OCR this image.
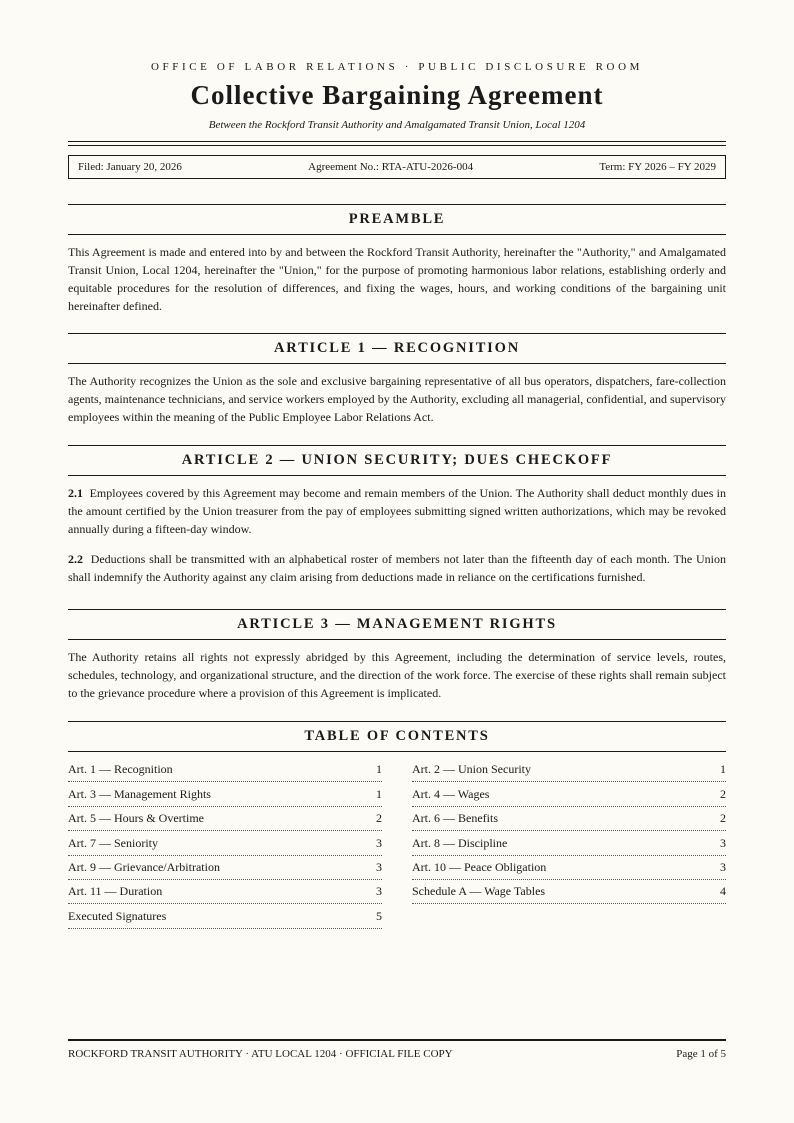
OFFICE OF LABOR RELATIONS · PUBLIC DISCLOSURE ROOM
Collective Bargaining Agreement
Between the Rockford Transit Authority and Amalgamated Transit Union, Local 1204
Filed: January 20, 2026	Agreement No.: RTA-ATU-2026-004	Term: FY 2026 – FY 2029
PREAMBLE
This Agreement is made and entered into by and between the Rockford Transit Authority, hereinafter the "Authority," and Amalgamated Transit Union, Local 1204, hereinafter the "Union," for the purpose of promoting harmonious labor relations, establishing orderly and equitable procedures for the resolution of differences, and fixing the wages, hours, and working conditions of the bargaining unit hereinafter defined.
ARTICLE 1 — RECOGNITION
The Authority recognizes the Union as the sole and exclusive bargaining representative of all bus operators, dispatchers, fare-collection agents, maintenance technicians, and service workers employed by the Authority, excluding all managerial, confidential, and supervisory employees within the meaning of the Public Employee Labor Relations Act.
ARTICLE 2 — UNION SECURITY; DUES CHECKOFF
2.1 Employees covered by this Agreement may become and remain members of the Union. The Authority shall deduct monthly dues in the amount certified by the Union treasurer from the pay of employees submitting signed written authorizations, which may be revoked annually during a fifteen-day window.
2.2 Deductions shall be transmitted with an alphabetical roster of members not later than the fifteenth day of each month. The Union shall indemnify the Authority against any claim arising from deductions made in reliance on the certifications furnished.
ARTICLE 3 — MANAGEMENT RIGHTS
The Authority retains all rights not expressly abridged by this Agreement, including the determination of service levels, routes, schedules, technology, and organizational structure, and the direction of the work force. The exercise of these rights shall remain subject to the grievance procedure where a provision of this Agreement is implicated.
TABLE OF CONTENTS
Art. 1 — Recognition	1
Art. 3 — Management Rights	1
Art. 5 — Hours & Overtime	2
Art. 7 — Seniority	3
Art. 9 — Grievance/Arbitration	3
Art. 11 — Duration	3
Executed Signatures	5
Art. 2 — Union Security	1
Art. 4 — Wages	2
Art. 6 — Benefits	2
Art. 8 — Discipline	3
Art. 10 — Peace Obligation	3
Schedule A — Wage Tables	4
ROCKFORD TRANSIT AUTHORITY · ATU LOCAL 1204 · OFFICIAL FILE COPY	Page 1 of 5
